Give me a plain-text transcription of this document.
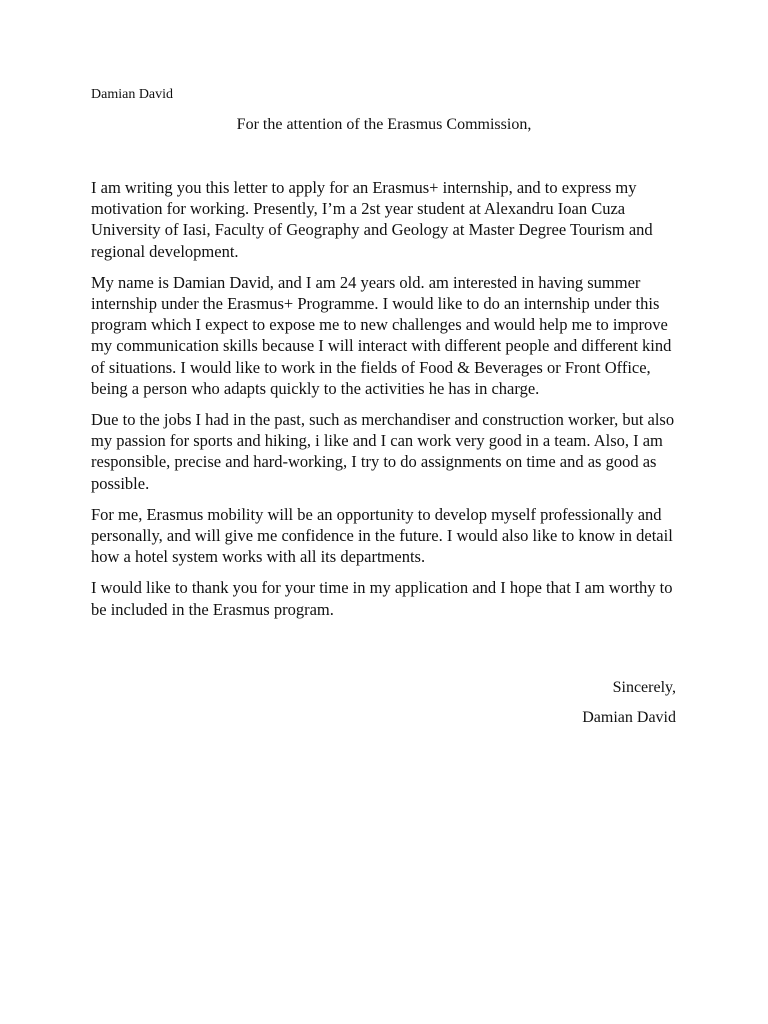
Damian David
For the attention of the Erasmus Commission,

I am writing you this letter to apply for an Erasmus+ internship, and to express my motivation for working. Presently, I’m a 2st year student at Alexandru Ioan Cuza University of Iasi, Faculty of Geography and Geology at Master Degree Tourism and regional development.

My name is Damian David, and I am 24 years old. am interested in having summer internship under the Erasmus+ Programme. I would like to do an internship under this program which I expect to expose me to new challenges and would help me to improve my communication skills because I will interact with different people and different kind of situations. I would like to work in the fields of Food & Beverages or Front Office, being a person who adapts quickly to the activities he has in charge.

Due to the jobs I had in the past, such as merchandiser and construction worker, but also my passion for sports and hiking, i like and I can work very good in a team. Also, I am responsible, precise and hard-working, I try to do assignments on time and as good as possible.

For me, Erasmus mobility will be an opportunity to develop myself professionally and personally, and will give me confidence in the future. I would also like to know in detail how a hotel system works with all its departments.

I would like to thank you for your time in my application and I hope that I am worthy to be included in the Erasmus program.

Sincerely,
Damian David
